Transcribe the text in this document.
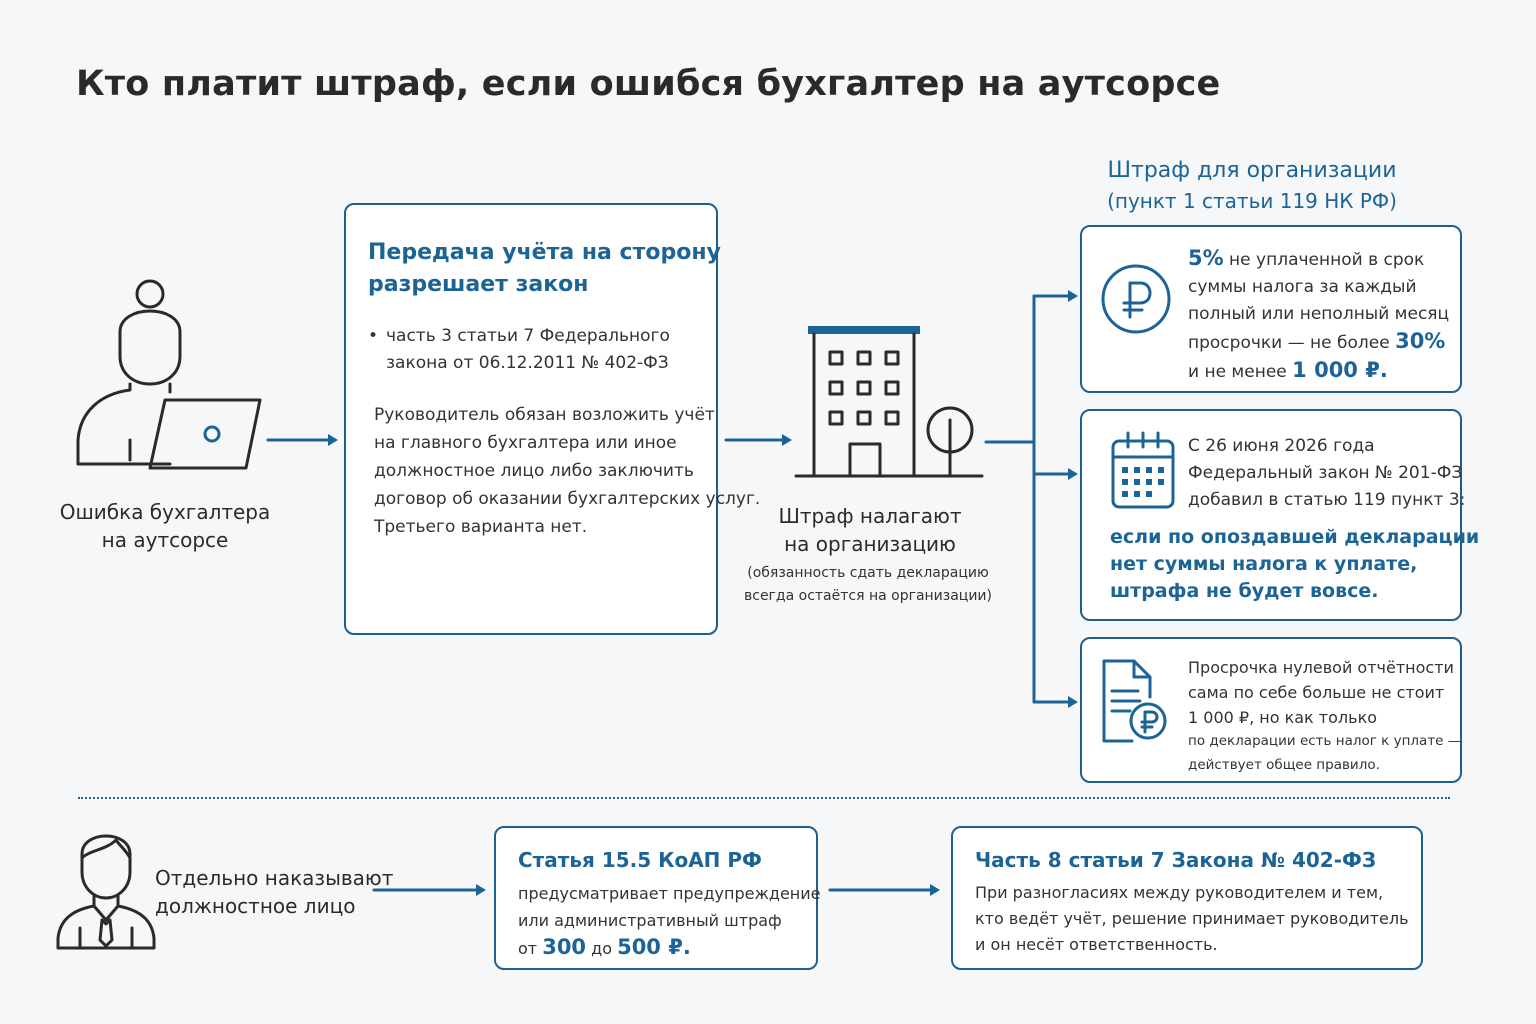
Кто платит штраф, если ошибся бухгалтер на аутсорсе
Ошибка бухгалтера
на аутсорсе
Передача учёта на сторону
разрешает закон
• часть 3 статьи 7 Федерального
закона от 06.12.2011 № 402-ФЗ
Руководитель обязан возложить учёт
на главного бухгалтера или иное
должностное лицо либо заключить
договор об оказании бухгалтерских услуг.
Третьего варианта нет.	Штраф налагают
на организацию
(обязанность сдать декларацию
всегда остаётся на организации)
Штраф для организации
(пункт 1 статьи 119 НК РФ)
5% не уплаченной в срок
суммы налога за каждый
полный или неполный месяц
просрочки — не более 30%
и не менее 1 000 ₽.
С 26 июня 2026 года
Федеральный закон № 201-ФЗ
добавил в статью 119 пункт 3:
если по опоздавшей декларации
нет суммы налога к уплате,
штрафа не будет вовсе.
Просрочка нулевой отчётности
сама по себе больше не стоит
1 000 ₽, но как только
по декларации есть налог к уплате —
действует общее правило.
Отдельно наказывают
должностное лицо
Статья 15.5 КоАП РФ
предусматривает предупреждение
или административный штраф
от 300 до 500 ₽.
Часть 8 статьи 7 Закона № 402-ФЗ
При разногласиях между руководителем и тем,
кто ведёт учёт, решение принимает руководитель
и он несёт ответственность.
